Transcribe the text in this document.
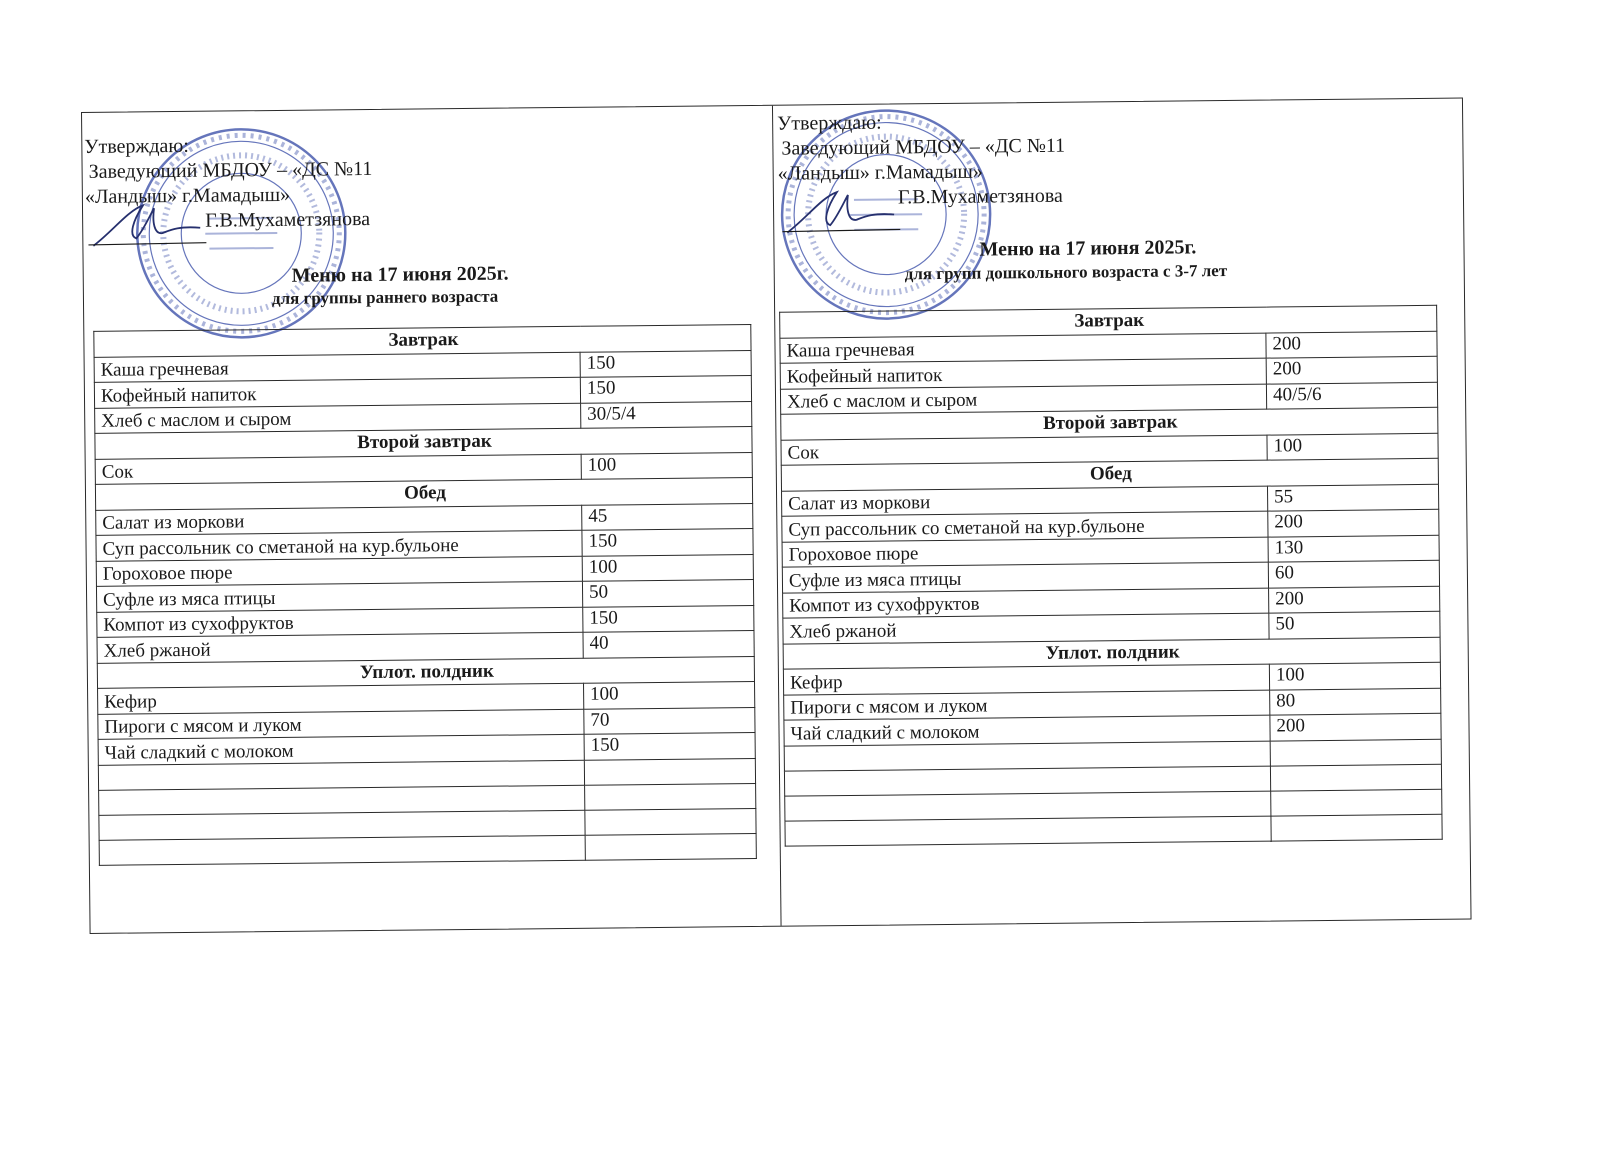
Утверждаю:
Заведующий МБДОУ – «ДС №11
«Ландыш» г.Мамадыш»
Г.В.Мухаметзянова
Меню на 17 июня 2025г.
для группы раннего возраста
Завтрак	
Каша гречневая	150
Кофейный напиток	150
Хлеб с маслом и сыром	30/5/4
Второй завтрак	
Сок	100
Обед	
Салат из моркови	45
Суп рассольник со сметаной на кур.бульоне	150
Гороховое пюре	100
Суфле из мяса птицы	50
Компот из сухофруктов	150
Хлеб ржаной	40
Уплот. полдник	
Кефир	100
Пироги с мясом и луком	70
Чай сладкий с молоком	150

Утверждаю:
Заведующий МБДОУ – «ДС №11
«Ландыш» г.Мамадыш»
Г.В.Мухаметзянова
Меню на 17 июня 2025г.
для групп дошкольного возраста с 3-7 лет
Завтрак	
Каша гречневая	200
Кофейный напиток	200
Хлеб с маслом и сыром	40/5/6
Второй завтрак	
Сок	100
Обед	
Салат из моркови	55
Суп рассольник со сметаной на кур.бульоне	200
Гороховое пюре	130
Суфле из мяса птицы	60
Компот из сухофруктов	200
Хлеб ржаной	50
Уплот. полдник	
Кефир	100
Пироги с мясом и луком	80
Чай сладкий с молоком	200
